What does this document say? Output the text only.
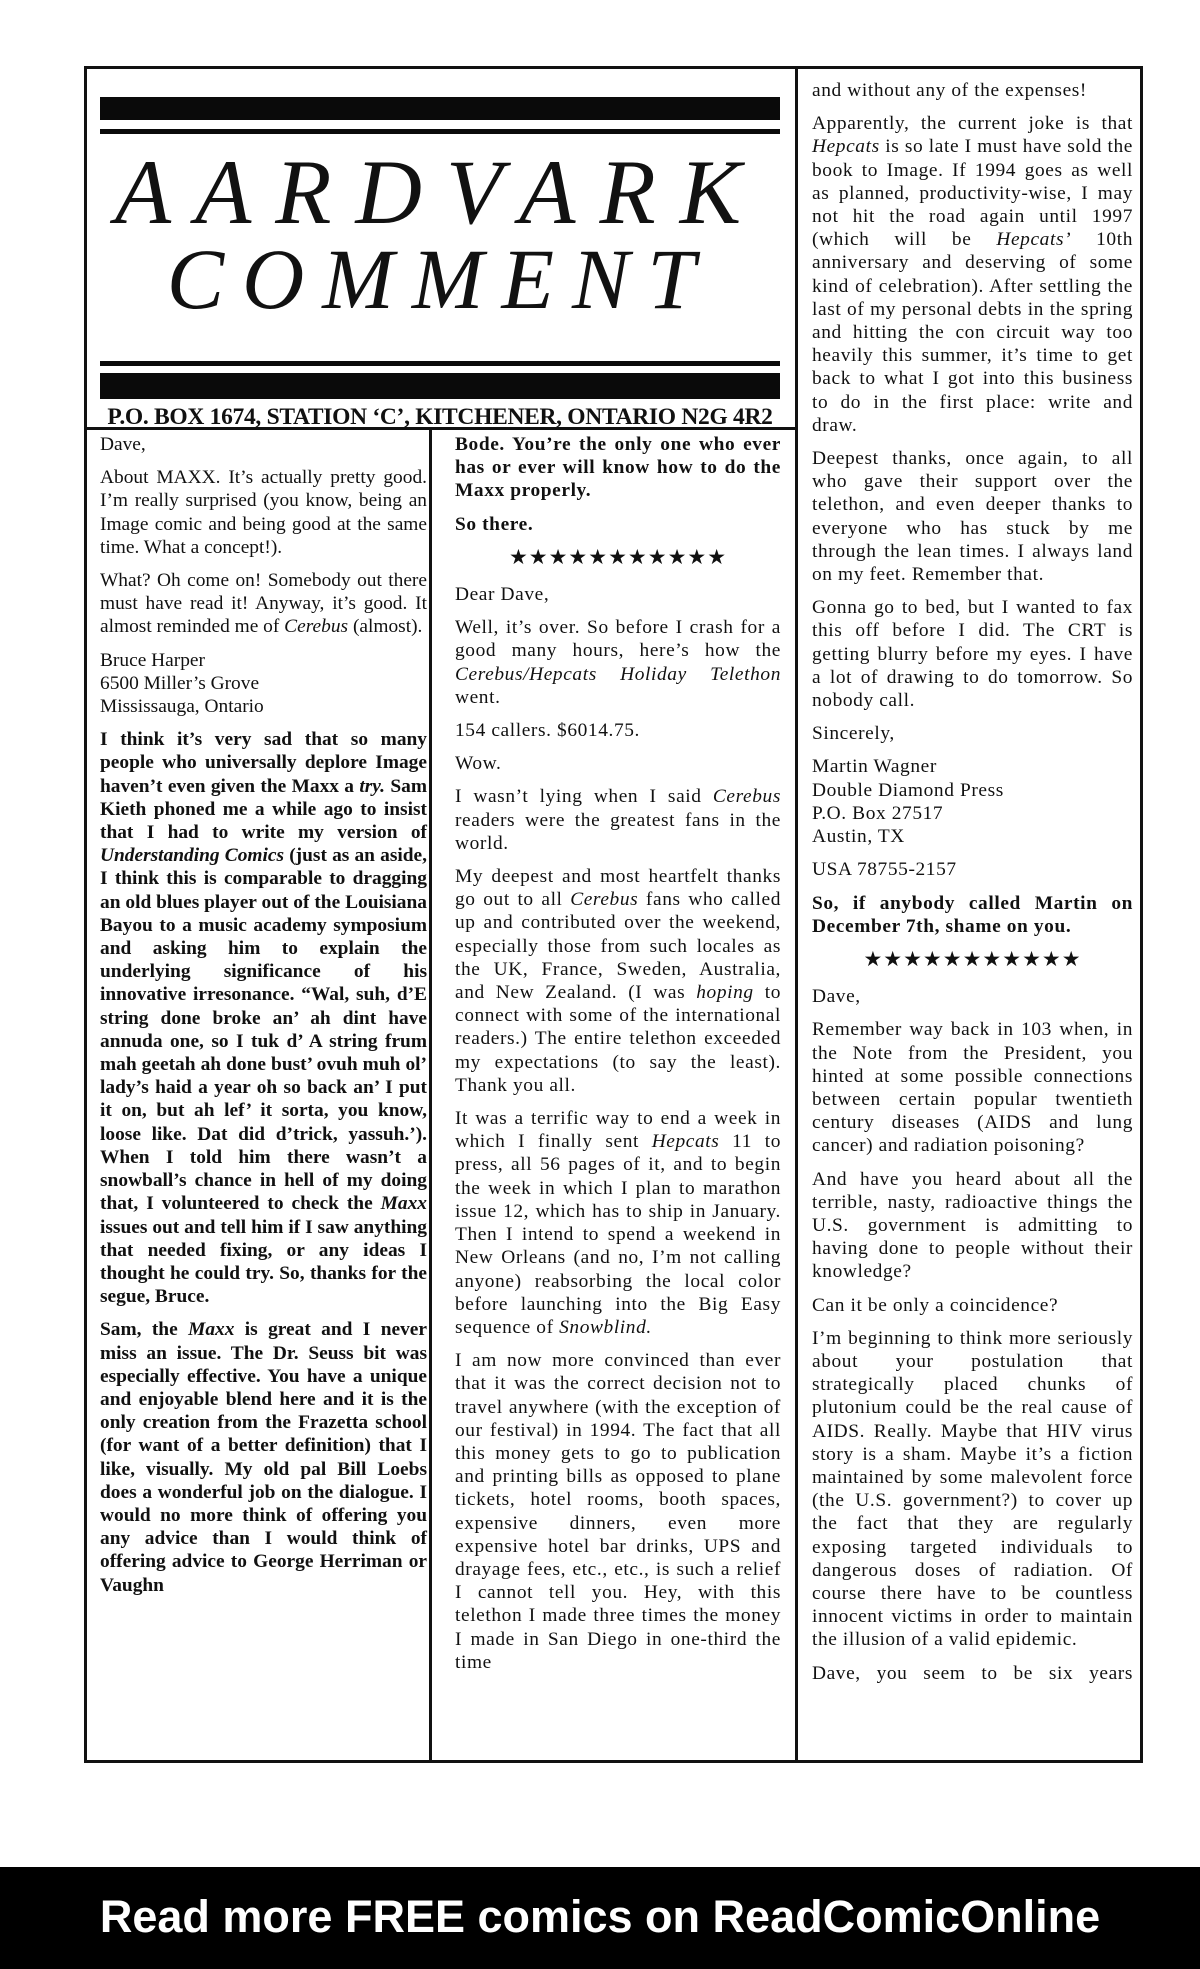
AARDVARK
COMMENT
P.O. BOX 1674, STATION ‘C’, KITCHENER, ONTARIO N2G 4R2

Dave,

About MAXX. It’s actually pretty good. I’m really surprised (you know, being an Image comic and being good at the same time. What a concept!).

What? Oh come on! Somebody out there must have read it! Anyway, it’s good. It almost reminded me of Cerebus (almost).

Bruce Harper
6500 Miller’s Grove
Mississauga, Ontario

I think it’s very sad that so many people who universally deplore Image haven’t even given the Maxx a try. Sam Kieth phoned me a while ago to insist that I had to write my version of Understanding Comics (just as an aside, I think this is comparable to dragging an old blues player out of the Louisiana Bayou to a music academy symposium and asking him to explain the underlying significance of his innovative irresonance. “Wal, suh, d’E string done broke an’ ah dint have annuda one, so I tuk d’ A string frum mah geetah ah done bust’ ovuh muh ol’ lady’s haid a year oh so back an’ I put it on, but ah lef’ it sorta, you know, loose like. Dat did d’trick, yassuh.’). When I told him there wasn’t a snowball’s chance in hell of my doing that, I volunteered to check the Maxx issues out and tell him if I saw anything that needed fixing, or any ideas I thought he could try. So, thanks for the segue, Bruce.

Sam, the Maxx is great and I never miss an issue. The Dr. Seuss bit was especially effective. You have a unique and enjoyable blend here and it is the only creation from the Frazetta school (for want of a better definition) that I like, visually. My old pal Bill Loebs does a wonderful job on the dialogue. I would no more think of offering you any advice than I would think of offering advice to George Herriman or Vaughn

Bode. You’re the only one who ever has or ever will know how to do the Maxx properly.

So there.

★★★★★★★★★★★

Dear Dave,

Well, it’s over. So before I crash for a good many hours, here’s how the Cerebus/Hepcats Holiday Telethon went.

154 callers. $6014.75.

Wow.

I wasn’t lying when I said Cerebus readers were the greatest fans in the world.

My deepest and most heartfelt thanks go out to all Cerebus fans who called up and contributed over the weekend, especially those from such locales as the UK, France, Sweden, Australia, and New Zealand. (I was hoping to connect with some of the international readers.) The entire telethon exceeded my expectations (to say the least). Thank you all.

It was a terrific way to end a week in which I finally sent Hepcats 11 to press, all 56 pages of it, and to begin the week in which I plan to marathon issue 12, which has to ship in January. Then I intend to spend a weekend in New Orleans (and no, I’m not calling anyone) reabsorbing the local color before launching into the Big Easy sequence of Snowblind.

I am now more convinced than ever that it was the correct decision not to travel anywhere (with the exception of our festival) in 1994. The fact that all this money gets to go to publication and printing bills as opposed to plane tickets, hotel rooms, booth spaces, expensive dinners, even more expensive hotel bar drinks, UPS and drayage fees, etc., etc., is such a relief I cannot tell you. Hey, with this telethon I made three times the money I made in San Diego in one-third the time

and without any of the expenses!

Apparently, the current joke is that Hepcats is so late I must have sold the book to Image. If 1994 goes as well as planned, productivity-wise, I may not hit the road again until 1997 (which will be Hepcats’ 10th anniversary and deserving of some kind of celebration). After settling the last of my personal debts in the spring and hitting the con circuit way too heavily this summer, it’s time to get back to what I got into this business to do in the first place: write and draw.

Deepest thanks, once again, to all who gave their support over the telethon, and even deeper thanks to everyone who has stuck by me through the lean times. I always land on my feet. Remember that.

Gonna go to bed, but I wanted to fax this off before I did. The CRT is getting blurry before my eyes. I have a lot of drawing to do tomorrow. So nobody call.

Sincerely,

Martin Wagner
Double Diamond Press
P.O. Box 27517
Austin, TX

USA 78755-2157

So, if anybody called Martin on December 7th, shame on you.

★★★★★★★★★★★

Dave,

Remember way back in 103 when, in the Note from the President, you hinted at some possible connections between certain popular twentieth century diseases (AIDS and lung cancer) and radiation poisoning?

And have you heard about all the terrible, nasty, radioactive things the U.S. government is admitting to having done to people without their knowledge?

Can it be only a coincidence?

I’m beginning to think more seriously about your postulation that strategically placed chunks of plutonium could be the real cause of AIDS. Really. Maybe that HIV virus story is a sham. Maybe it’s a fiction maintained by some malevolent force (the U.S. government?) to cover up the fact that they are regularly exposing targeted individuals to dangerous doses of radiation. Of course there have to be countless innocent victims in order to maintain the illusion of a valid epidemic.

Dave, you seem to be six years

Read more FREE comics on ReadComicOnline
